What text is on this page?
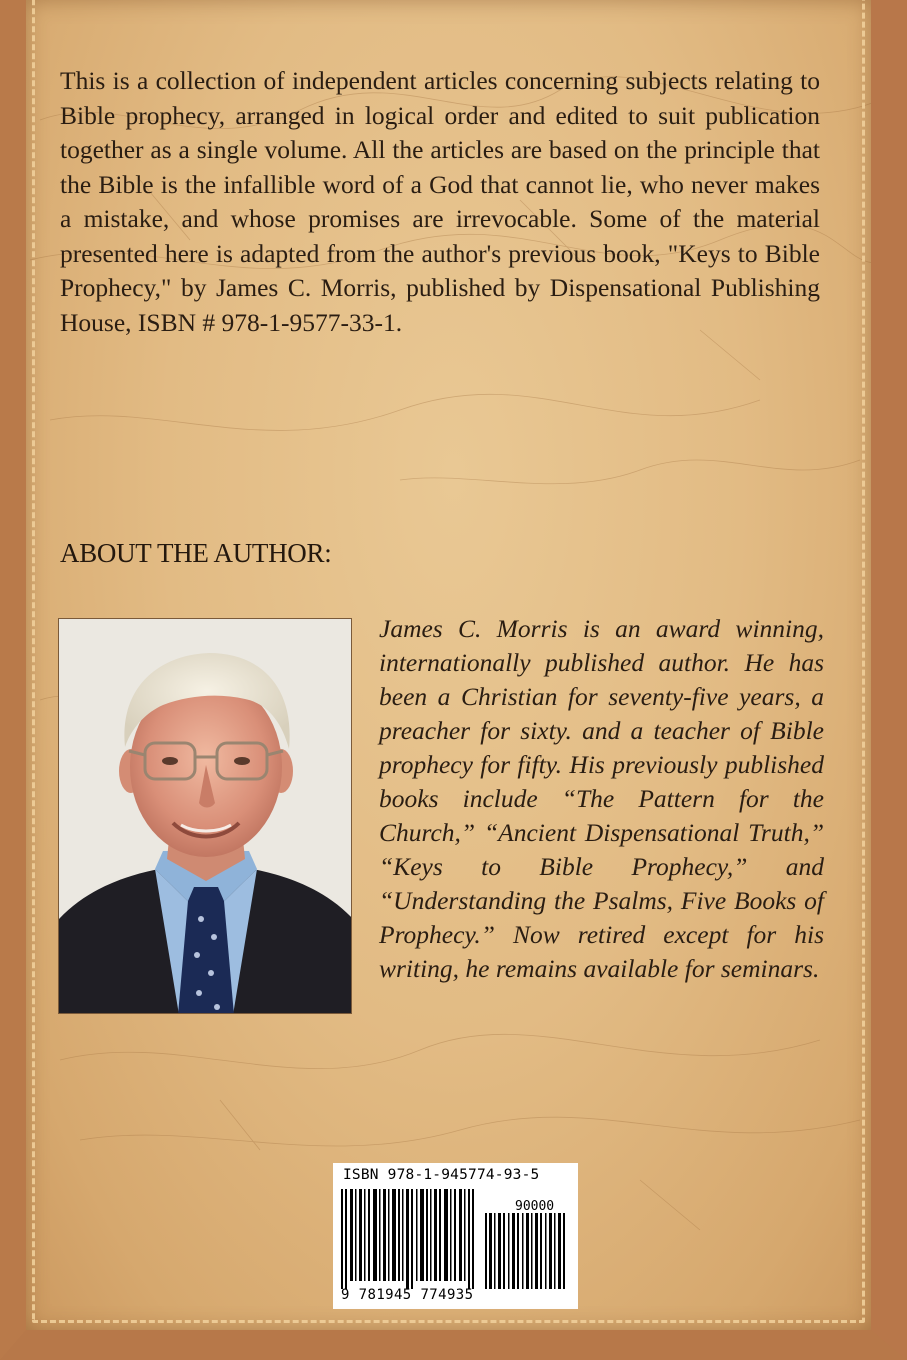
This is a collection of independent articles concerning subjects relating to Bible prophecy, arranged in logical order and edited to suit publication together as a single volume. All the articles are based on the principle that the Bible is the infallible word of a God that cannot lie, who never makes a mistake, and whose promises are irrevocable. Some of the material presented here is adapted from the author's previous book, "Keys to Bible Prophecy," by James C. Morris, published by Dispensational Publishing House, ISBN # 978-1-9577-33-1.

ABOUT THE AUTHOR:

James C. Morris is an award winning, internationally published author. He has been a Christian for seventy-five years, a preacher for sixty. and a teacher of Bible prophecy for fifty. His previously published books include “The Pattern for the Church,” “Ancient Dispensational Truth,” “Keys to Bible Prophecy,” and “Understanding the Psalms, Five Books of Prophecy.” Now retired except for his writing, he remains available for seminars.

ISBN 978-1-945774-93-5
90000
9 781945 774935
